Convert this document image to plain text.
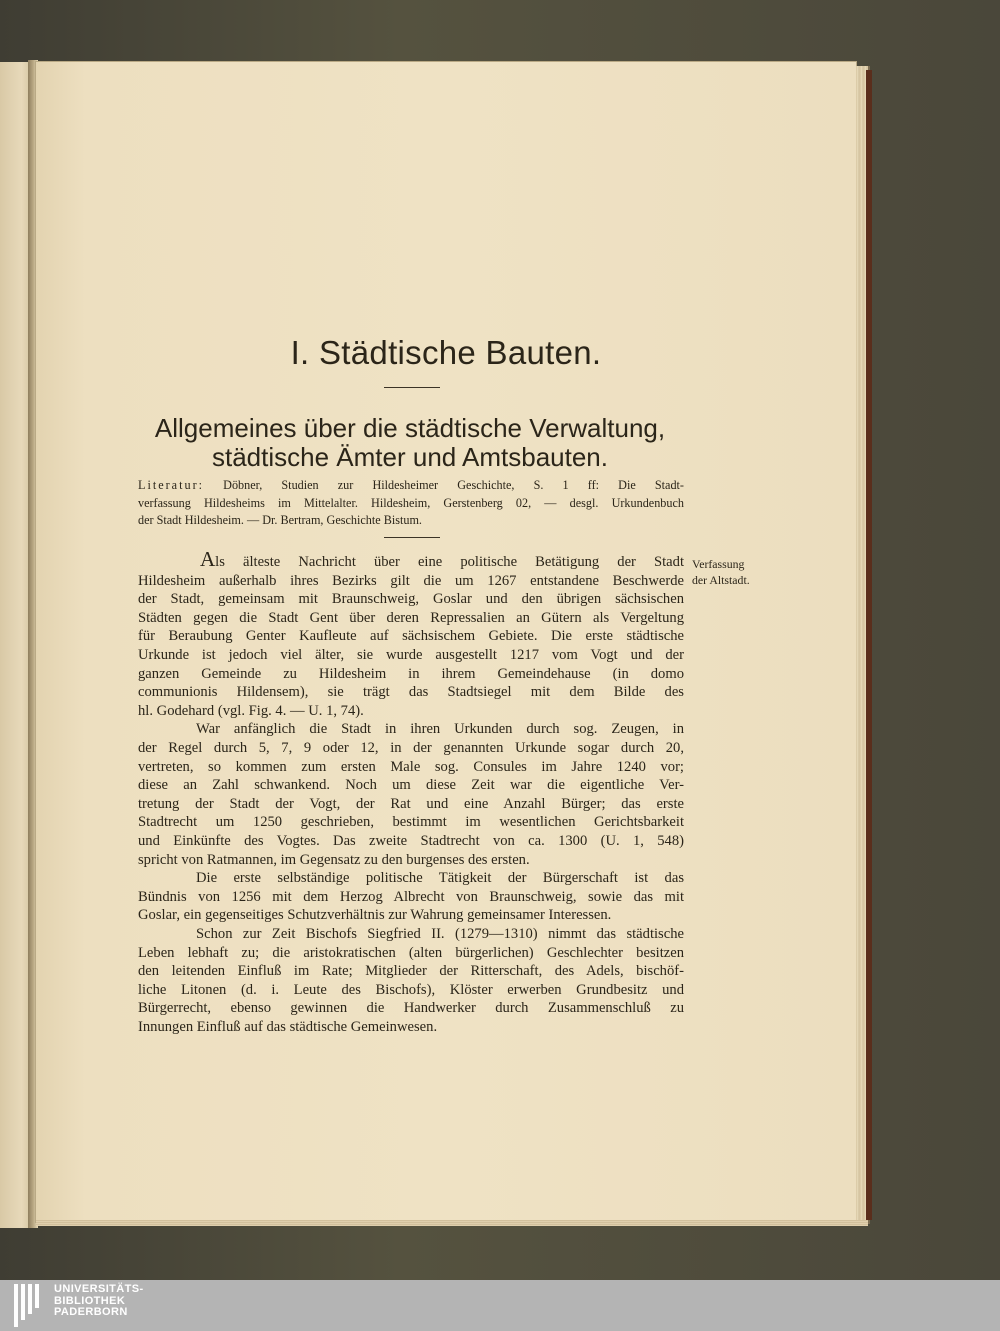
I. Städtische Bauten.
Allgemeines über die städtische Verwaltung,
städtische Ämter und Amtsbauten.
Literatur: Döbner, Studien zur Hildesheimer Geschichte, S. 1 ff: Die Stadt-
verfassung Hildesheims im Mittelalter. Hildesheim, Gerstenberg 02, — desgl. Urkundenbuch
der Stadt Hildesheim. — Dr. Bertram, Geschichte Bistum.
Als älteste Nachricht über eine politische Betätigung der Stadt
Hildesheim außerhalb ihres Bezirks gilt die um 1267 entstandene Beschwerde
der Stadt, gemeinsam mit Braunschweig, Goslar und den übrigen sächsischen
Städten gegen die Stadt Gent über deren Repressalien an Gütern als Vergeltung
für Beraubung Genter Kaufleute auf sächsischem Gebiete. Die erste städtische
Urkunde ist jedoch viel älter, sie wurde ausgestellt 1217 vom Vogt und der
ganzen Gemeinde zu Hildesheim in ihrem Gemeindehause (in domo
communionis Hildensem), sie trägt das Stadtsiegel mit dem Bilde des
hl. Godehard (vgl. Fig. 4. — U. 1, 74).
War anfänglich die Stadt in ihren Urkunden durch sog. Zeugen, in
der Regel durch 5, 7, 9 oder 12, in der genannten Urkunde sogar durch 20,
vertreten, so kommen zum ersten Male sog. Consules im Jahre 1240 vor;
diese an Zahl schwankend. Noch um diese Zeit war die eigentliche Ver-
tretung der Stadt der Vogt, der Rat und eine Anzahl Bürger; das erste
Stadtrecht um 1250 geschrieben, bestimmt im wesentlichen Gerichtsbarkeit
und Einkünfte des Vogtes. Das zweite Stadtrecht von ca. 1300 (U. 1, 548)
spricht von Ratmannen, im Gegensatz zu den burgenses des ersten.
Die erste selbständige politische Tätigkeit der Bürgerschaft ist das
Bündnis von 1256 mit dem Herzog Albrecht von Braunschweig, sowie das mit
Goslar, ein gegenseitiges Schutzverhältnis zur Wahrung gemeinsamer Interessen.
Schon zur Zeit Bischofs Siegfried II. (1279—1310) nimmt das städtische
Leben lebhaft zu; die aristokratischen (alten bürgerlichen) Geschlechter besitzen
den leitenden Einfluß im Rate; Mitglieder der Ritterschaft, des Adels, bischöf-
liche Litonen (d. i. Leute des Bischofs), Klöster erwerben Grundbesitz und
Bürgerrecht, ebenso gewinnen die Handwerker durch Zusammenschluß zu
Innungen Einfluß auf das städtische Gemeinwesen.
Verfassung
der Altstadt.
UNIVERSITÄTS-
BIBLIOTHEK
PADERBORN
